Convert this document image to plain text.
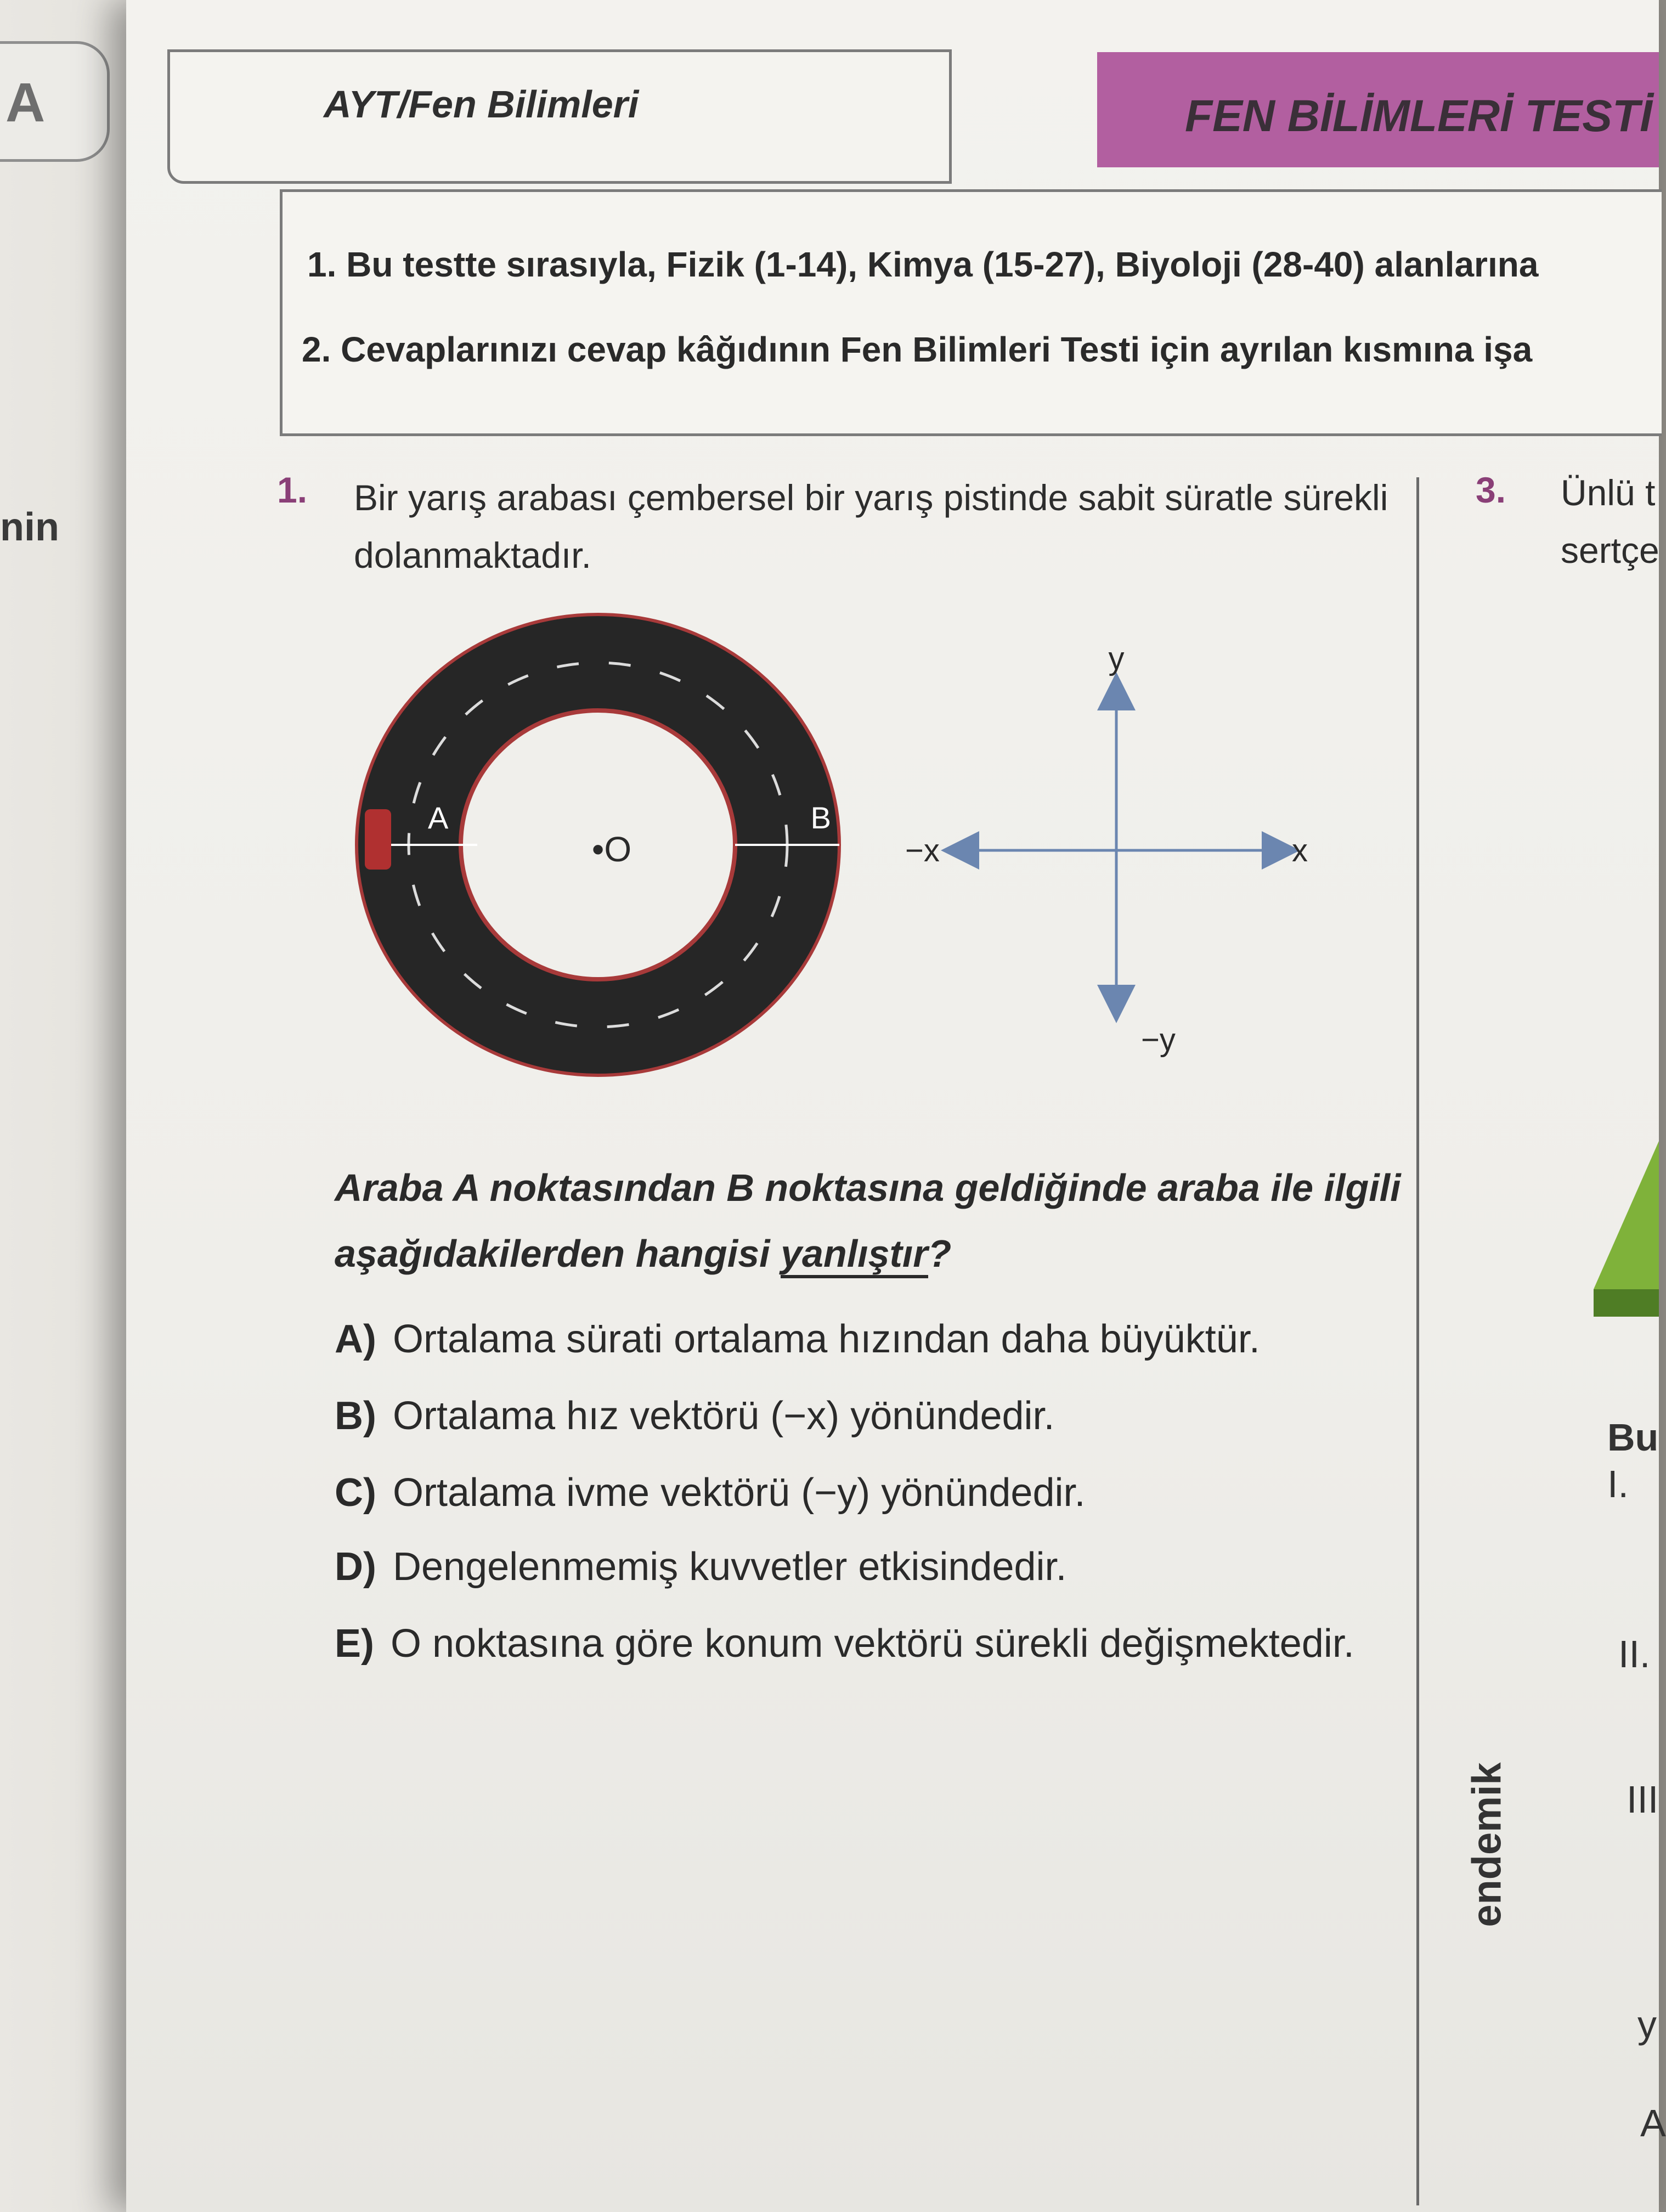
A
nin
AYT/Fen Bilimleri	FEN BİLİMLERİ TESTİ
1. Bu testte sırasıyla, Fizik (1-14), Kimya (15-27), Biyoloji (28-40) alanlarına
2. Cevaplarınızı cevap kâğıdının Fen Bilimleri Testi için ayrılan kısmına işa
1. Bir yarış arabası çembersel bir yarış pistinde sabit süratle sürekli dolanmaktadır.
A	B
•O
y
−y
x
−x
Araba A noktasından B noktasına geldiğinde araba ile ilgili aşağıdakilerden hangisi yanlıştır?
A) Ortalama sürati ortalama hızından daha büyüktür.
B) Ortalama hız vektörü (−x) yönündedir.
C) Ortalama ivme vektörü (−y) yönündedir.
D) Dengelenmemiş kuvvetler etkisindedir.
E) O noktasına göre konum vektörü sürekli değişmektedir.
3. Ünlü t
sertçe
Bu
I.
II.
III
y
A
endemik
